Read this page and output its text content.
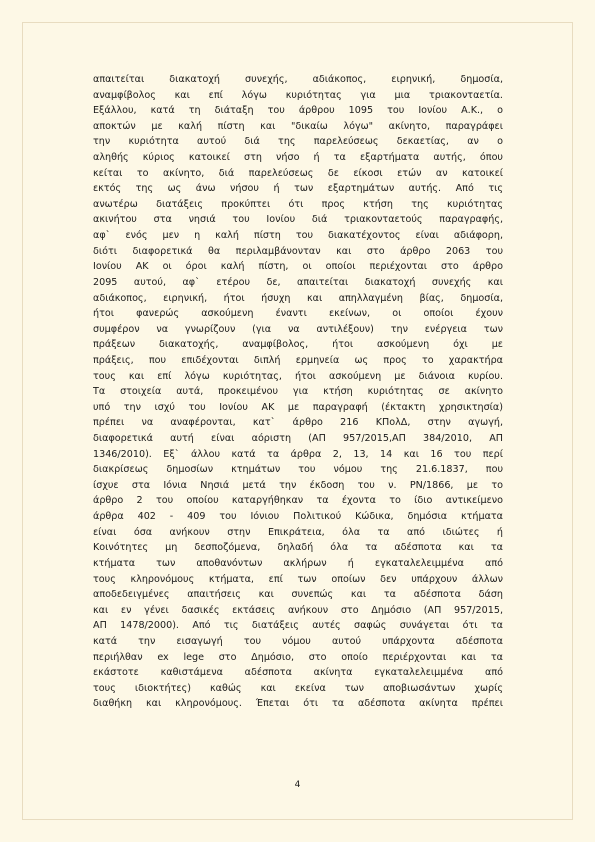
απαιτείται διακατοχή συνεχής, αδιάκοπος, ειρηνική, δημοσία,
αναμφίβολος και επί λόγω κυριότητας για μια τριακονταετία.
Εξάλλου, κατά τη διάταξη του άρθρου 1095 του Ιονίου Α.Κ., ο
αποκτών με καλή πίστη και "δικαίω λόγω" ακίνητο, παραγράφει
την κυριότητα αυτού διά της παρελεύσεως δεκαετίας, αν ο
αληθής κύριος κατοικεί στη νήσο ή τα εξαρτήματα αυτής, όπου
κείται το ακίνητο, διά παρελεύσεως δε είκοσι ετών αν κατοικεί
εκτός της ως άνω νήσου ή των εξαρτημάτων αυτής. Από τις
ανωτέρω διατάξεις προκύπτει ότι προς κτήση της κυριότητας
ακινήτου στα νησιά του Ιονίου διά τριακονταετούς παραγραφής,
αφ` ενός μεν η καλή πίστη του διακατέχοντος είναι αδιάφορη,
διότι διαφορετικά θα περιλαμβάνονταν και στο άρθρο 2063 του
Ιονίου ΑΚ οι όροι καλή πίστη, οι οποίοι περιέχονται στο άρθρο
2095 αυτού, αφ` ετέρου δε, απαιτείται διακατοχή συνεχής και
αδιάκοπος, ειρηνική, ήτοι ήσυχη και απηλλαγμένη βίας, δημοσία,
ήτοι φανερώς ασκούμενη έναντι εκείνων, οι οποίοι έχουν
συμφέρον να γνωρίζουν (για να αντιλέξουν) την ενέργεια των
πράξεων διακατοχής, αναμφίβολος, ήτοι ασκούμενη όχι με
πράξεις, που επιδέχονται διπλή ερμηνεία ως προς το χαρακτήρα
τους και επί λόγω κυριότητας, ήτοι ασκούμενη με διάνοια κυρίου.
Τα στοιχεία αυτά, προκειμένου για κτήση κυριότητας σε ακίνητο
υπό την ισχύ του Ιονίου ΑΚ με παραγραφή (έκτακτη χρησικτησία)
πρέπει να αναφέρονται, κατ` άρθρο 216 ΚΠολΔ, στην αγωγή,
διαφορετικά αυτή είναι αόριστη (ΑΠ 957/2015,ΑΠ 384/2010, ΑΠ
1346/2010). Εξ` άλλου κατά τα άρθρα 2, 13, 14 και 16 του περί
διακρίσεως δημοσίων κτημάτων του νόμου της 21.6.1837, που
ίσχυε στα Ιόνια Νησιά μετά την έκδοση του ν. ΡΝ/1866, με το
άρθρο 2 του οποίου καταργήθηκαν τα έχοντα το ίδιο αντικείμενο
άρθρα 402 - 409 του Ιόνιου Πολιτικού Κώδικα, δημόσια κτήματα
είναι όσα ανήκουν στην Επικράτεια, όλα τα από ιδιώτες ή
Κοινότητες μη δεσποζόμενα, δηλαδή όλα τα αδέσποτα και τα
κτήματα των αποθανόντων ακλήρων ή εγκαταλελειμμένα από
τους κληρονόμους κτήματα, επί των οποίων δεν υπάρχουν άλλων
αποδεδειγμένες απαιτήσεις και συνεπώς και τα αδέσποτα δάση
και εν γένει δασικές εκτάσεις ανήκουν στο Δημόσιο (ΑΠ 957/2015,
ΑΠ 1478/2000). Από τις διατάξεις αυτές σαφώς συνάγεται ότι τα
κατά την εισαγωγή του νόμου αυτού υπάρχοντα αδέσποτα
περιήλθαν ex lege στο Δημόσιο, στο οποίο περιέρχονται και τα
εκάστοτε καθιστάμενα αδέσποτα ακίνητα εγκαταλελειμμένα από
τους ιδιοκτήτες) καθώς και εκείνα των αποβιωσάντων χωρίς
διαθήκη και κληρονόμους. Έπεται ότι τα αδέσποτα ακίνητα πρέπει
4
